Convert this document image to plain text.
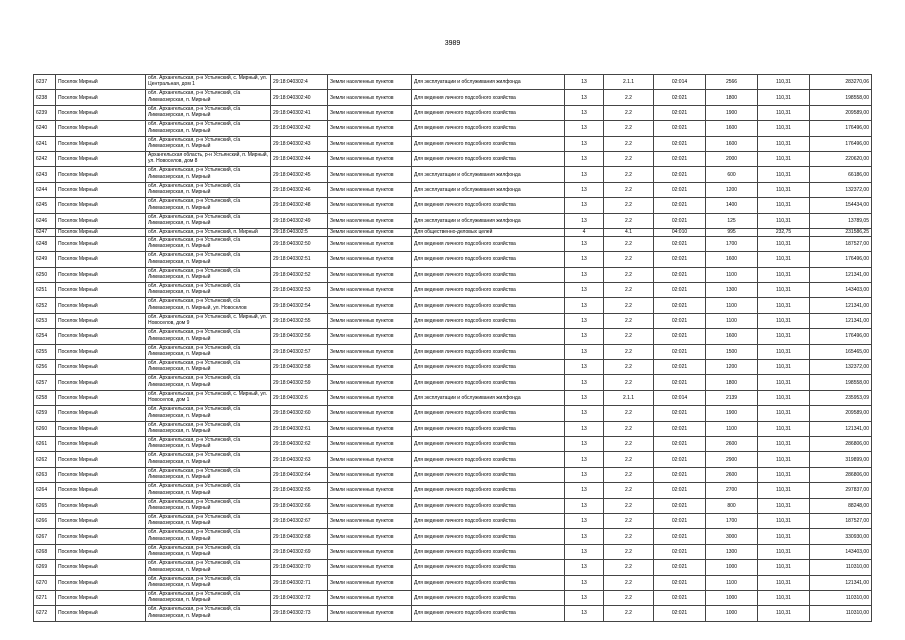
3989
6237	Поселок Мирный	обл. Архангельская, р-н Устьянский, с. Мирный, ул. Центральная, дом 1	29:18:040302:4	Земли населенных пунктов	Для эксплуатации и обслуживания жилфонда	13	2.1.1	02:014	2566	110,31	283270,06
6238	Поселок Мирный	обл. Архангельская, р-н Устьянский, с/а Ликмаозерская, п. Мирный	29:18:040302:40	Земли населенных пунктов	Для ведения личного подсобного хозяйства	13	2.2	02:021	1800	110,31	198558,00
6239	Поселок Мирный	обл. Архангельская, р-н Устьянский, с/а Ликмаозерская, п. Мирный	29:18:040302:41	Земли населенных пунктов	Для ведения личного подсобного хозяйства	13	2.2	02:021	1900	110,31	209589,00
6240	Поселок Мирный	обл. Архангельская, р-н Устьянский, с/а Ликмаозерская, п. Мирный	29:18:040302:42	Земли населенных пунктов	Для ведения личного подсобного хозяйства	13	2.2	02:021	1600	110,31	176496,00
6241	Поселок Мирный	обл. Архангельская, р-н Устьянский, с/а Ликмаозерская, п. Мирный	29:18:040302:43	Земли населенных пунктов	Для ведения личного подсобного хозяйства	13	2.2	02:021	1600	110,31	176496,00
6242	Поселок Мирный	Архангельская область, р-н Устьянский, п. Мирный, ул. Новоселов, дом 8	29:18:040302:44	Земли населенных пунктов	Для ведения личного подсобного хозяйства	13	2.2	02:021	2000	110,31	220620,00
6243	Поселок Мирный	обл. Архангельская, р-н Устьянский, с/а Ликмаозерская, п. Мирный	29:18:040302:45	Земли населенных пунктов	Для эксплуатации и обслуживания жилфонда	13	2.2	02:021	600	110,31	66186,00
6244	Поселок Мирный	обл. Архангельская, р-н Устьянский, с/а Ликмаозерская, п. Мирный	29:18:040302:46	Земли населенных пунктов	Для эксплуатации и обслуживания жилфонда	13	2.2	02:021	1200	110,31	132372,00
6245	Поселок Мирный	обл. Архангельская, р-н Устьянский, с/а Ликмаозерская, п. Мирный	29:18:040302:48	Земли населенных пунктов	Для ведения личного подсобного хозяйства	13	2.2	02:021	1400	110,31	154434,00
6246	Поселок Мирный	обл. Архангельская, р-н Устьянский, с/а Ликмаозерская, п. Мирный	29:18:040302:49	Земли населенных пунктов	Для эксплуатации и обслуживания жилфонда	13	2.2	02:021	125	110,31	13789,05
6247	Поселок Мирный	обл. Архангельская, р-н Устьянский, п. Мирный	29:18:040302:5	Земли населенных пунктов	Для общественно-деловых целей	4	4.1	04:010	995	232,75	231586,25
6248	Поселок Мирный	обл. Архангельская, р-н Устьянский, с/а Ликмаозерская, п. Мирный	29:18:040302:50	Земли населенных пунктов	Для ведения личного подсобного хозяйства	13	2.2	02:021	1700	110,31	187527,00
6249	Поселок Мирный	обл. Архангельская, р-н Устьянский, с/а Ликмаозерская, п. Мирный	29:18:040302:51	Земли населенных пунктов	Для ведения личного подсобного хозяйства	13	2.2	02:021	1600	110,31	176496,00
6250	Поселок Мирный	обл. Архангельская, р-н Устьянский, с/а Ликмаозерская, п. Мирный	29:18:040302:52	Земли населенных пунктов	Для ведения личного подсобного хозяйства	13	2.2	02:021	1100	110,31	121341,00
6251	Поселок Мирный	обл. Архангельская, р-н Устьянский, с/а Ликмаозерская, п. Мирный	29:18:040302:53	Земли населенных пунктов	Для ведения личного подсобного хозяйства	13	2.2	02:021	1300	110,31	143403,00
6252	Поселок Мирный	обл. Архангельская, р-н Устьянский, с/а Ликмаозерская, п. Мирный, ул. Новоселов	29:18:040302:54	Земли населенных пунктов	Для ведения личного подсобного хозяйства	13	2.2	02:021	1100	110,31	121341,00
6253	Поселок Мирный	обл. Архангельская, р-н Устьянский, с. Мирный, ул. Новоселов, дом 9	29:18:040302:55	Земли населенных пунктов	Для ведения личного подсобного хозяйства	13	2.2	02:021	1100	110,31	121341,00
6254	Поселок Мирный	обл. Архангельская, р-н Устьянский, с/а Ликмаозерская, п. Мирный	29:18:040302:56	Земли населенных пунктов	Для ведения личного подсобного хозяйства	13	2.2	02:021	1600	110,31	176496,00
6255	Поселок Мирный	обл. Архангельская, р-н Устьянский, с/а Ликмаозерская, п. Мирный	29:18:040302:57	Земли населенных пунктов	Для ведения личного подсобного хозяйства	13	2.2	02:021	1500	110,31	165465,00
6256	Поселок Мирный	обл. Архангельская, р-н Устьянский, с/а Ликмаозерская, п. Мирный	29:18:040302:58	Земли населенных пунктов	Для ведения личного подсобного хозяйства	13	2.2	02:021	1200	110,31	132372,00
6257	Поселок Мирный	обл. Архангельская, р-н Устьянский, с/а Ликмаозерская, п. Мирный	29:18:040302:59	Земли населенных пунктов	Для ведения личного подсобного хозяйства	13	2.2	02:021	1800	110,31	198558,00
6258	Поселок Мирный	обл. Архангельская, р-н Устьянский, с. Мирный, ул. Новоселов, дом 1	29:18:040302:6	Земли населенных пунктов	Для эксплуатации и обслуживания жилфонда	13	2.1.1	02:014	2139	110,31	235953,09
6259	Поселок Мирный	обл. Архангельская, р-н Устьянский, с/а Ликмаозерская, п. Мирный	29:18:040302:60	Земли населенных пунктов	Для ведения личного подсобного хозяйства	13	2.2	02:021	1900	110,31	209589,00
6260	Поселок Мирный	обл. Архангельская, р-н Устьянский, с/а Ликмаозерская, п. Мирный	29:18:040302:61	Земли населенных пунктов	Для ведения личного подсобного хозяйства	13	2.2	02:021	1100	110,31	121341,00
6261	Поселок Мирный	обл. Архангельская, р-н Устьянский, с/а Ликмаозерская, п. Мирный	29:18:040302:62	Земли населенных пунктов	Для ведения личного подсобного хозяйства	13	2.2	02:021	2600	110,31	286806,00
6262	Поселок Мирный	обл. Архангельская, р-н Устьянский, с/а Ликмаозерская, п. Мирный	29:18:040302:63	Земли населенных пунктов	Для ведения личного подсобного хозяйства	13	2.2	02:021	2900	110,31	319899,00
6263	Поселок Мирный	обл. Архангельская, р-н Устьянский, с/а Ликмаозерская, п. Мирный	29:18:040302:64	Земли населенных пунктов	Для ведения личного подсобного хозяйства	13	2.2	02:021	2600	110,31	286806,00
6264	Поселок Мирный	обл. Архангельская, р-н Устьянский, с/а Ликмаозерская, п. Мирный	29:18:040302:65	Земли населенных пунктов	Для ведения личного подсобного хозяйства	13	2.2	02:021	2700	110,31	297837,00
6265	Поселок Мирный	обл. Архангельская, р-н Устьянский, с/а Ликмаозерская, п. Мирный	29:18:040302:66	Земли населенных пунктов	Для ведения личного подсобного хозяйства	13	2.2	02:021	800	110,31	88248,00
6266	Поселок Мирный	обл. Архангельская, р-н Устьянский, с/а Ликмаозерская, п. Мирный	29:18:040302:67	Земли населенных пунктов	Для ведения личного подсобного хозяйства	13	2.2	02:021	1700	110,31	187527,00
6267	Поселок Мирный	обл. Архангельская, р-н Устьянский, с/а Ликмаозерская, п. Мирный	29:18:040302:68	Земли населенных пунктов	Для ведения личного подсобного хозяйства	13	2.2	02:021	3000	110,31	330930,00
6268	Поселок Мирный	обл. Архангельская, р-н Устьянский, с/а Ликмаозерская, п. Мирный	29:18:040302:69	Земли населенных пунктов	Для ведения личного подсобного хозяйства	13	2.2	02:021	1300	110,31	143403,00
6269	Поселок Мирный	обл. Архангельская, р-н Устьянский, с/а Ликмаозерская, п. Мирный	29:18:040302:70	Земли населенных пунктов	Для ведения личного подсобного хозяйства	13	2.2	02:021	1000	110,31	110310,00
6270	Поселок Мирный	обл. Архангельская, р-н Устьянский, с/а Ликмаозерская, п. Мирный	29:18:040302:71	Земли населенных пунктов	Для ведения личного подсобного хозяйства	13	2.2	02:021	1100	110,31	121341,00
6271	Поселок Мирный	обл. Архангельская, р-н Устьянский, с/а Ликмаозерская, п. Мирный	29:18:040302:72	Земли населенных пунктов	Для ведения личного подсобного хозяйства	13	2.2	02:021	1000	110,31	110310,00
6272	Поселок Мирный	обл. Архангельская, р-н Устьянский, с/а Ликмаозерская, п. Мирный	29:18:040302:73	Земли населенных пунктов	Для ведения личного подсобного хозяйства	13	2.2	02:021	1000	110,31	110310,00
